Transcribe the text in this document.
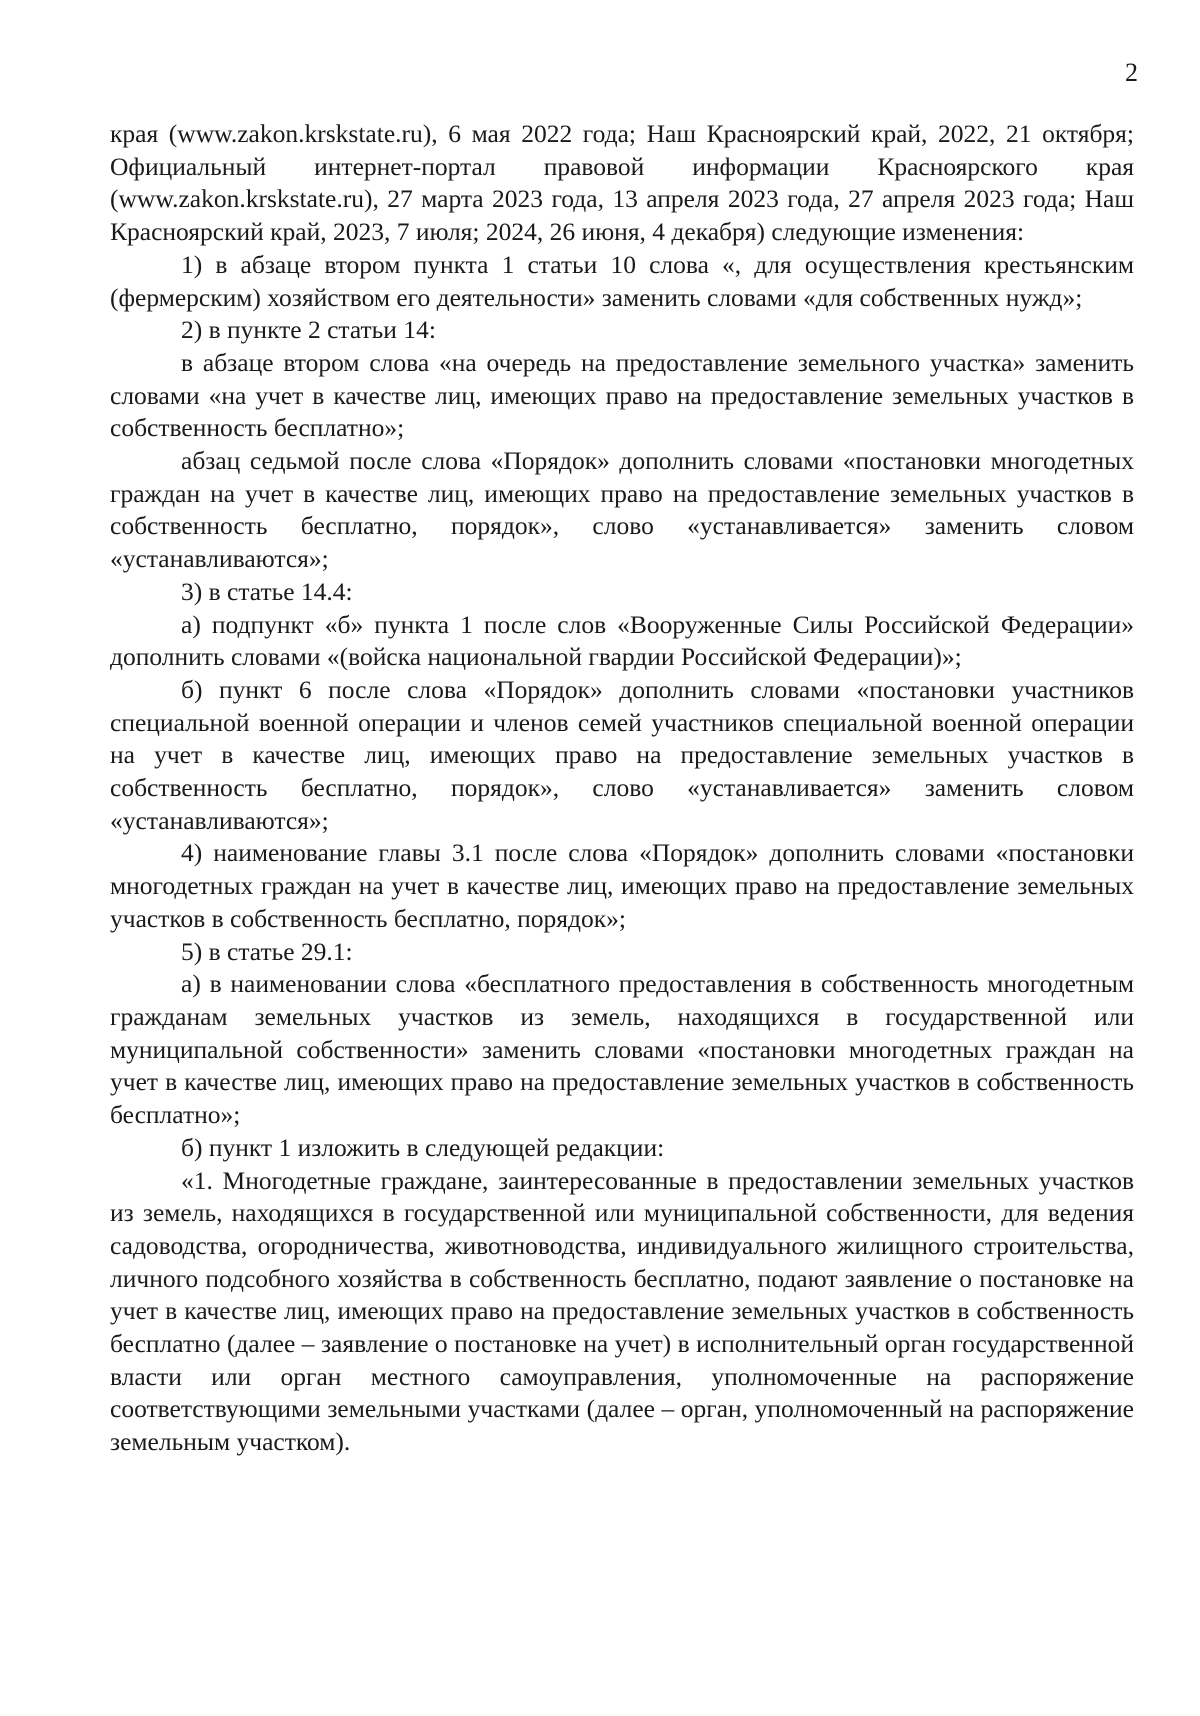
2

края (www.zakon.krskstate.ru), 6 мая 2022 года; Наш Красноярский край, 2022, 21 октября; Официальный интернет-портал правовой информации Красноярского края (www.zakon.krskstate.ru), 27 марта 2023 года, 13 апреля 2023 года, 27 апреля 2023 года; Наш Красноярский край, 2023, 7 июля; 2024, 26 июня, 4 декабря) следующие изменения:

1) в абзаце втором пункта 1 статьи 10 слова «, для осуществления крестьянским (фермерским) хозяйством его деятельности» заменить словами «для собственных нужд»;

2) в пункте 2 статьи 14:

в абзаце втором слова «на очередь на предоставление земельного участка» заменить словами «на учет в качестве лиц, имеющих право на предоставление земельных участков в собственность бесплатно»;

абзац седьмой после слова «Порядок» дополнить словами «постановки многодетных граждан на учет в качестве лиц, имеющих право на предоставление земельных участков в собственность бесплатно, порядок», слово «устанавливается» заменить словом «устанавливаются»;

3) в статье 14.4:

а) подпункт «б» пункта 1 после слов «Вооруженные Силы Российской Федерации» дополнить словами «(войска национальной гвардии Российской Федерации)»;

б) пункт 6 после слова «Порядок» дополнить словами «постановки участников специальной военной операции и членов семей участников специальной военной операции на учет в качестве лиц, имеющих право на предоставление земельных участков в собственность бесплатно, порядок», слово «устанавливается» заменить словом «устанавливаются»;

4) наименование главы 3.1 после слова «Порядок» дополнить словами «постановки многодетных граждан на учет в качестве лиц, имеющих право на предоставление земельных участков в собственность бесплатно, порядок»;

5) в статье 29.1:

а) в наименовании слова «бесплатного предоставления в собственность многодетным гражданам земельных участков из земель, находящихся в государственной или муниципальной собственности» заменить словами «постановки многодетных граждан на учет в качестве лиц, имеющих право на предоставление земельных участков в собственность бесплатно»;

б) пункт 1 изложить в следующей редакции:

«1. Многодетные граждане, заинтересованные в предоставлении земельных участков из земель, находящихся в государственной или муниципальной собственности, для ведения садоводства, огородничества, животноводства, индивидуального жилищного строительства, личного подсобного хозяйства в собственность бесплатно, подают заявление о постановке на учет в качестве лиц, имеющих право на предоставление земельных участков в собственность бесплатно (далее – заявление о постановке на учет) в исполнительный орган государственной власти или орган местного самоуправления, уполномоченные на распоряжение соответствующими земельными участками (далее – орган, уполномоченный на распоряжение земельным участком).
